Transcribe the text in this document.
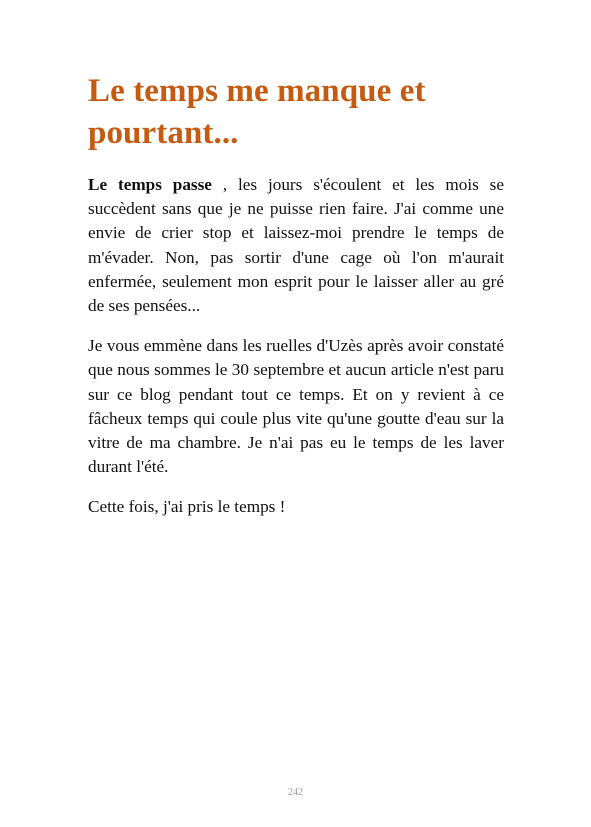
Le temps me manque et pourtant...

Le temps passe , les jours s'écoulent et les mois se succèdent sans que je ne puisse rien faire. J'ai comme une envie de crier stop et laissez-moi prendre le temps de m'évader. Non, pas sortir d'une cage où l'on m'aurait enfermée, seulement mon esprit pour le laisser aller au gré de ses pensées...

Je vous emmène dans les ruelles d'Uzès après avoir constaté que nous sommes le 30 septembre et aucun article n'est paru sur ce blog pendant tout ce temps. Et on y revient à ce fâcheux temps qui coule plus vite qu'une goutte d'eau sur la vitre de ma chambre. Je n'ai pas eu le temps de les laver durant l'été.

Cette fois, j'ai pris le temps !

242
